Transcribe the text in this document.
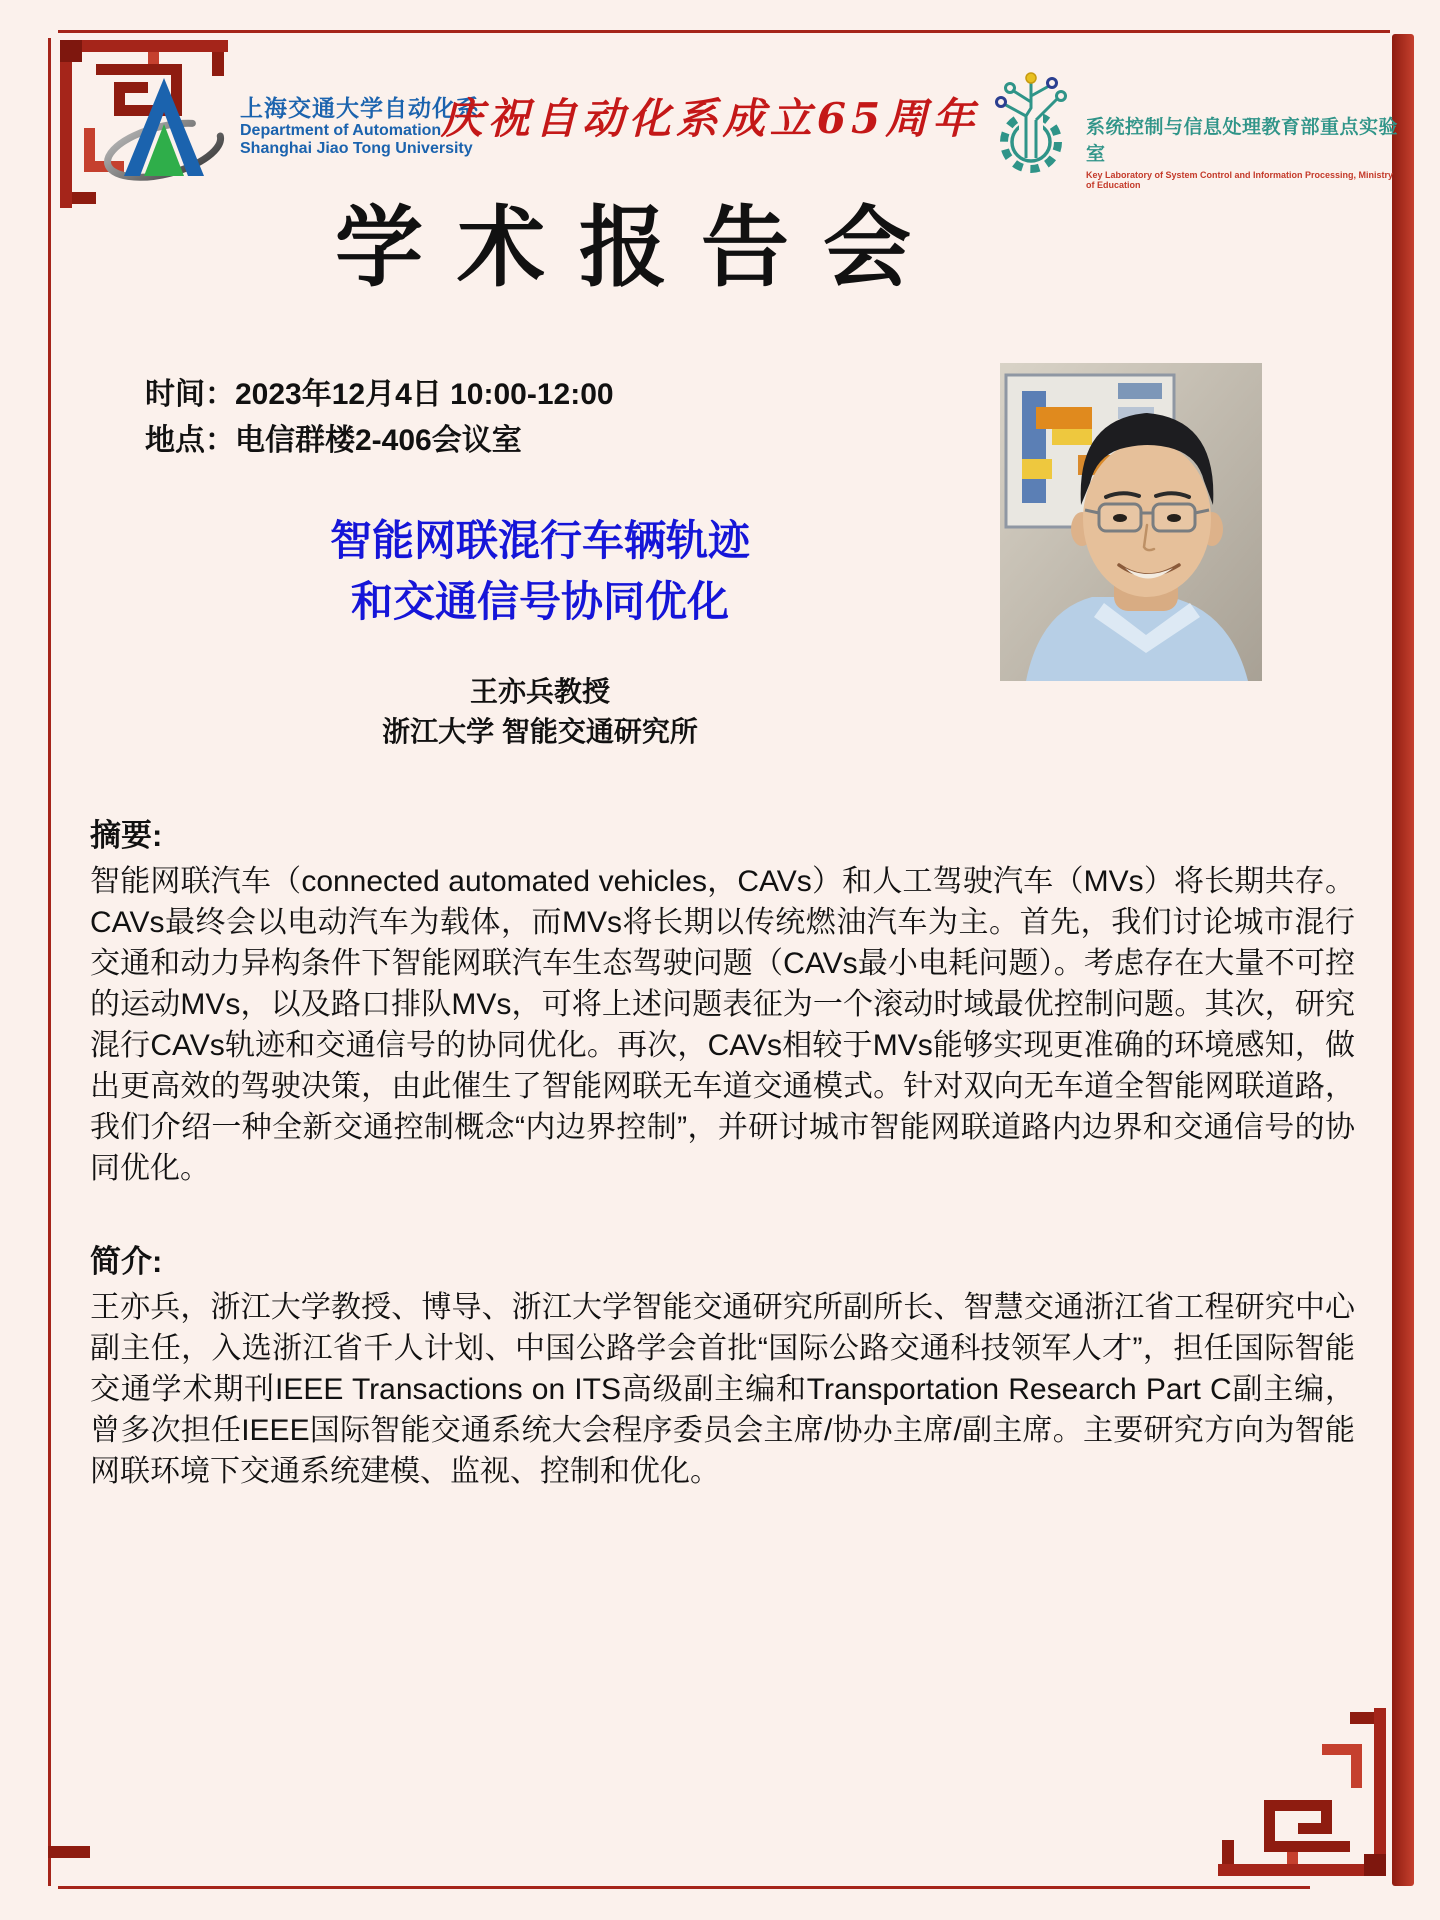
上海交通大学自动化系
Department of Automation
Shanghai Jiao Tong University
庆祝自动化系成立65周年	系统控制与信息处理教育部重点实验室
Key Laboratory of System Control and Information Processing, Ministry of Education
学术报告会
时间：2023年12月4日 10:00-12:00
地点：电信群楼2-406会议室
智能网联混行车辆轨迹
和交通信号协同优化
王亦兵教授
浙江大学 智能交通研究所

摘要:

智能网联汽车（connected automated vehicles，CAVs）和人工驾驶汽车（MVs）将长期共存。CAVs最终会以电动汽车为载体，而MVs将长期以传统燃油汽车为主。首先，我们讨论城市混行交通和动力异构条件下智能网联汽车生态驾驶问题（CAVs最小电耗问题）。考虑存在大量不可控的运动MVs，以及路口排队MVs，可将上述问题表征为一个滚动时域最优控制问题。其次，研究混行CAVs轨迹和交通信号的协同优化。再次，CAVs相较于MVs能够实现更准确的环境感知，做出更高效的驾驶决策，由此催生了智能网联无车道交通模式。针对双向无车道全智能网联道路，我们介绍一种全新交通控制概念“内边界控制”，并研讨城市智能网联道路内边界和交通信号的协同优化。

简介:

王亦兵，浙江大学教授、博导、浙江大学智能交通研究所副所长、智慧交通浙江省工程研究中心副主任，入选浙江省千人计划、中国公路学会首批“国际公路交通科技领军人才”，担任国际智能交通学术期刊IEEE Transactions on ITS高级副主编和Transportation Research Part C副主编，曾多次担任IEEE国际智能交通系统大会程序委员会主席/协办主席/副主席。主要研究方向为智能网联环境下交通系统建模、监视、控制和优化。
